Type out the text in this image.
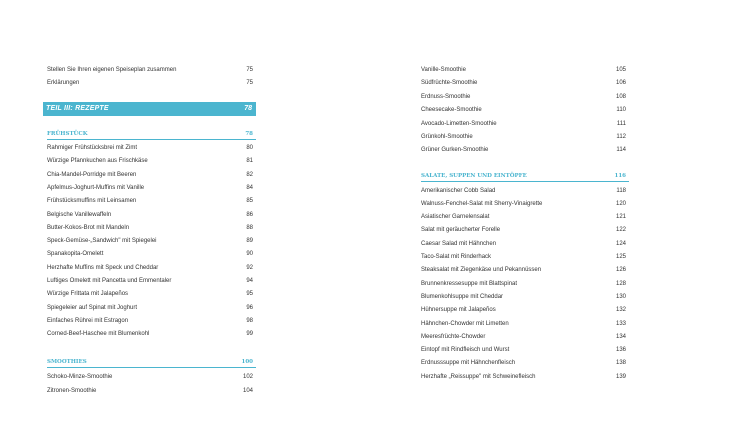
Stellen Sie Ihren eigenen Speiseplan zusammen	75
Erklärungen	75
TEIL III: REZEPTE	78
FRÜHSTÜCK	78
Rahmiger Frühstücksbrei mit Zimt	80
Würzige Pfannkuchen aus Frischkäse	81
Chia-Mandel-Porridge mit Beeren	82
Apfelmus-Joghurt-Muffins mit Vanille	84
Frühstücksmuffins mit Leinsamen	85
Belgische Vanillewaffeln	86
Butter-Kokos-Brot mit Mandeln	88
Speck-Gemüse-„Sandwich" mit Spiegelei	89
Spanakopita-Omelett	90
Herzhafte Muffins mit Speck und Cheddar	92
Luftiges Omelett mit Pancetta und Emmentaler	94
Würzige Frittata mit Jalapeños	95
Spiegeleier auf Spinat mit Joghurt	96
Einfaches Rührei mit Estragon	98
Corned-Beef-Haschee mit Blumenkohl	99
SMOOTHIES	100
Schoko-Minze-Smoothie	102
Zitronen-Smoothie	104
Vanille-Smoothie	105
Südfrüchte-Smoothie	106
Erdnuss-Smoothie	108
Cheesecake-Smoothie	110
Avocado-Limetten-Smoothie	111
Grünkohl-Smoothie	112
Grüner Gurken-Smoothie	114
SALATE, SUPPEN UND EINTÖPFE	116
Amerikanischer Cobb Salad	118
Walnuss-Fenchel-Salat mit Sherry-Vinaigrette	120
Asiatischer Garnelensalat	121
Salat mit geräucherter Forelle	122
Caesar Salad mit Hähnchen	124
Taco-Salat mit Rinderhack	125
Steaksalat mit Ziegenkäse und Pekannüssen	126
Brunnenkressesuppe mit Blattspinat	128
Blumenkohlsuppe mit Cheddar	130
Hühnersuppe mit Jalapeños	132
Hähnchen-Chowder mit Limetten	133
Meeresfrüchte-Chowder	134
Eintopf mit Rindfleisch und Wurst	136
Erdnusssuppe mit Hähnchenfleisch	138
Herzhafte „Reissuppe" mit Schweinefleisch	139
